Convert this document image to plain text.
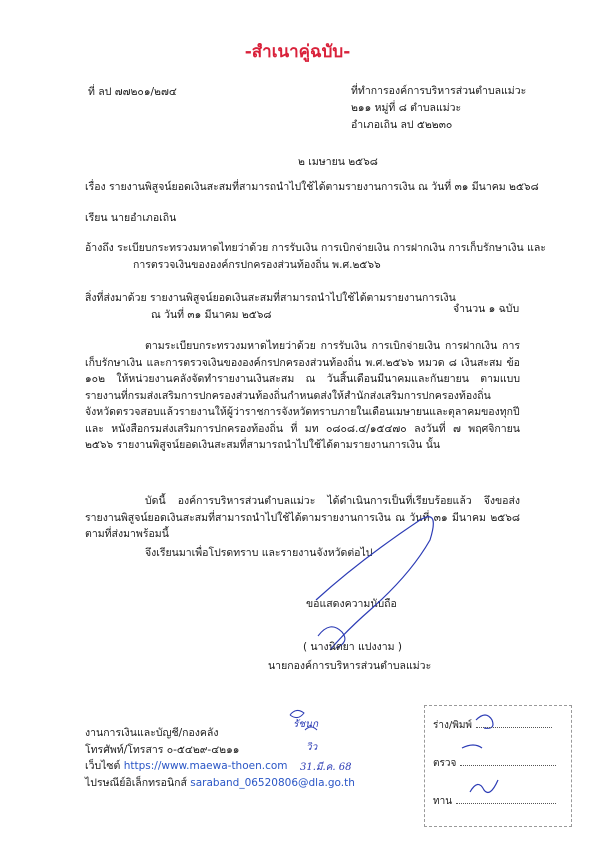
-สำเนาคู่ฉบับ-
ที่ ลป ๗๗๒๐๑/๒๗๔	ที่ทำการองค์การบริหารส่วนตำบลแม่วะ
๒๑๑ หมู่ที่ ๘ ตำบลแม่วะ
อำเภอเถิน ลป ๕๒๒๓๐
๒ เมษายน ๒๕๖๘
เรื่อง รายงานพิสูจน์ยอดเงินสะสมที่สามารถนำไปใช้ได้ตามรายงานการเงิน ณ วันที่ ๓๑ มีนาคม ๒๕๖๘
เรียน นายอำเภอเถิน
อ้างถึง ระเบียบกระทรวงมหาดไทยว่าด้วย การรับเงิน การเบิกจ่ายเงิน การฝากเงิน การเก็บรักษาเงิน และ
การตรวจเงินขององค์กรปกครองส่วนท้องถิ่น พ.ศ.๒๕๖๖
สิ่งที่ส่งมาด้วย รายงานพิสูจน์ยอดเงินสะสมที่สามารถนำไปใช้ได้ตามรายงานการเงิน
ณ วันที่ ๓๑ มีนาคม ๒๕๖๘	จำนวน ๑ ฉบับ
ตามระเบียบกระทรวงมหาดไทยว่าด้วย การรับเงิน การเบิกจ่ายเงิน การฝากเงิน การเก็บรักษาเงิน และการตรวจเงินขององค์กรปกครองส่วนท้องถิ่น พ.ศ.๒๕๖๖ หมวด ๘ เงินสะสม ข้อ ๑๐๒ ให้หน่วยงานคลังจัดทำรายงานเงินสะสม ณ วันสิ้นเดือนมีนาคมและกันยายน ตามแบบรายงานที่กรมส่งเสริมการปกครองส่วนท้องถิ่นกำหนดส่งให้สำนักส่งเสริมการปกครองท้องถิ่นจังหวัดตรวจสอบแล้วรายงานให้ผู้ว่าราชการจังหวัดทราบภายในเดือนเมษายนและตุลาคมของทุกปี และ หนังสือกรมส่งเสริมการปกครองท้องถิ่น ที่ มท ๐๘๐๘.๔/๑๕๔๗๐ ลงวันที่ ๗ พฤศจิกายน ๒๕๖๖ รายงานพิสูจน์ยอดเงินสะสมที่สามารถนำไปใช้ได้ตามรายงานการเงิน นั้น
บัดนี้ องค์การบริหารส่วนตำบลแม่วะ ได้ดำเนินการเป็นที่เรียบร้อยแล้ว จึงขอส่งรายงานพิสูจน์ยอดเงินสะสมที่สามารถนำไปใช้ได้ตามรายงานการเงิน ณ วันที่ ๓๑ มีนาคม ๒๕๖๘ ตามที่ส่งมาพร้อมนี้
จึงเรียนมาเพื่อโปรดทราบ และรายงานจังหวัดต่อไป
ขอแสดงความนับถือ
( นางนิตยา แปงงาม )
นายกองค์การบริหารส่วนตำบลแม่วะ
งานการเงินและบัญชี/กองคลัง
โทรศัพท์/โทรสาร ๐-๕๔๒๙-๔๒๑๑
เว็บไซต์ https://www.maewa-thoen.com
ไปรษณีย์อิเล็กทรอนิกส์ saraband_06520806@dla.go.th
รัชนก
วิว
31.มี.ค. 68
ร่าง/พิมพ์
ตรวจ
ทาน
